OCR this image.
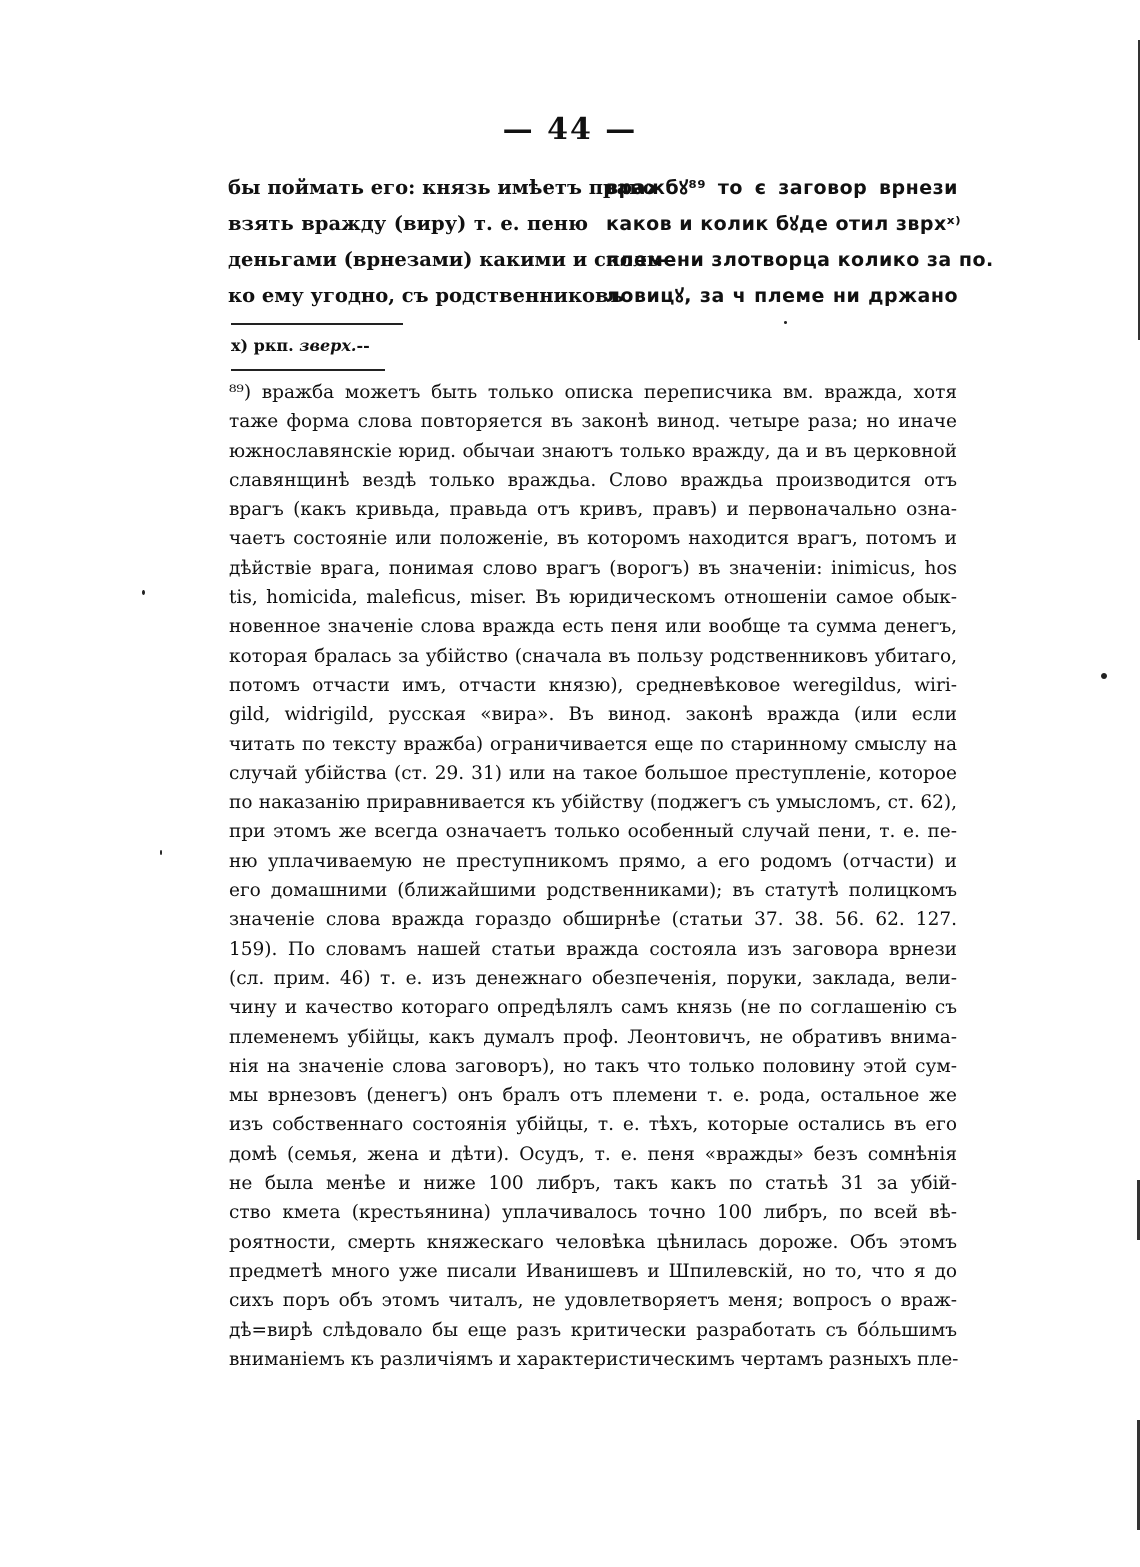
— 44 —
бы поймать его: князь имѣетъ право
взять вражду (виру) т. е. пеню
деньгами (врнезами) какими и сколь-
ко ему угодно, съ родственниковъ
вражбꙋ⁸⁹ то є заговор врнези
каков и колик бꙋде отил зврхˣ⁾
племени злотворца колико за по.
ловицꙋ, за ч племе ни држано
x) ркп. зверх.--
⁸⁹) вражба можетъ быть только описка переписчика вм. вражда, хотя
таже форма слова повторяется въ законѣ винод. четыре раза; но иначе
южнославянскіе юрид. обычаи знаютъ только вражду, да и въ церковной
славянщинѣ вездѣ только враждьа. Слово враждьа производится отъ
врагъ (какъ кривьда, правьда отъ кривъ, правъ) и первоначально озна-
чаетъ состояніе или положеніе, въ которомъ находится врагъ, потомъ и
дѣйствіе врага, понимая слово врагъ (ворогъ) въ значеніи: inimicus, hos
tis, homicida, maleficus, miser. Въ юридическомъ отношеніи самое обык-
новенное значеніе слова вражда есть пеня или вообще та сумма денегъ,
которая бралась за убійство (сначала въ пользу родственниковъ убитаго,
потомъ отчасти имъ, отчасти князю), средневѣковое weregildus, wiri-
gild, widrigild, русская «вира». Въ винод. законѣ вражда (или если
читать по тексту вражба) ограничивается еще по старинному смыслу на
случай убійства (ст. 29. 31) или на такое большое преступленіе, которое
по наказанію приравнивается къ убійству (поджегъ съ умысломъ, ст. 62),
при этомъ же всегда означаетъ только особенный случай пени, т. е. пе-
ню уплачиваемую не преступникомъ прямо, а его родомъ (отчасти) и
его домашними (ближайшими родственниками); въ статутѣ полицкомъ
значеніе слова вражда гораздо обширнѣе (статьи 37. 38. 56. 62. 127.
159). По словамъ нашей статьи вражда состояла изъ заговора врнези
(сл. прим. 46) т. е. изъ денежнаго обезпеченія, поруки, заклада, вели-
чину и качество котораго опредѣлялъ самъ князь (не по соглашенію съ
племенемъ убійцы, какъ думалъ проф. Леонтовичъ, не обративъ внима-
нія на значеніе слова заговоръ), но такъ что только половину этой сум-
мы врнезовъ (денегъ) онъ бралъ отъ племени т. е. рода, остальное же
изъ собственнаго состоянія убійцы, т. е. тѣхъ, которые остались въ его
домѣ (семья, жена и дѣти). Осудъ, т. е. пеня «вражды» безъ сомнѣнія
не была менѣе и ниже 100 либръ, такъ какъ по статьѣ 31 за убій-
ство кмета (крестьянина) уплачивалось точно 100 либръ, по всей вѣ-
роятности, смерть княжескаго человѣка цѣнилась дороже. Объ этомъ
предметѣ много уже писали Иванишевъ и Шпилевскій, но то, что я до
сихъ поръ объ этомъ читалъ, не удовлетворяетъ меня; вопросъ о враж-
дѣ=вирѣ слѣдовало бы еще разъ критически разработать съ бóльшимъ
вниманіемъ къ различіямъ и характеристическимъ чертамъ разныхъ пле-
